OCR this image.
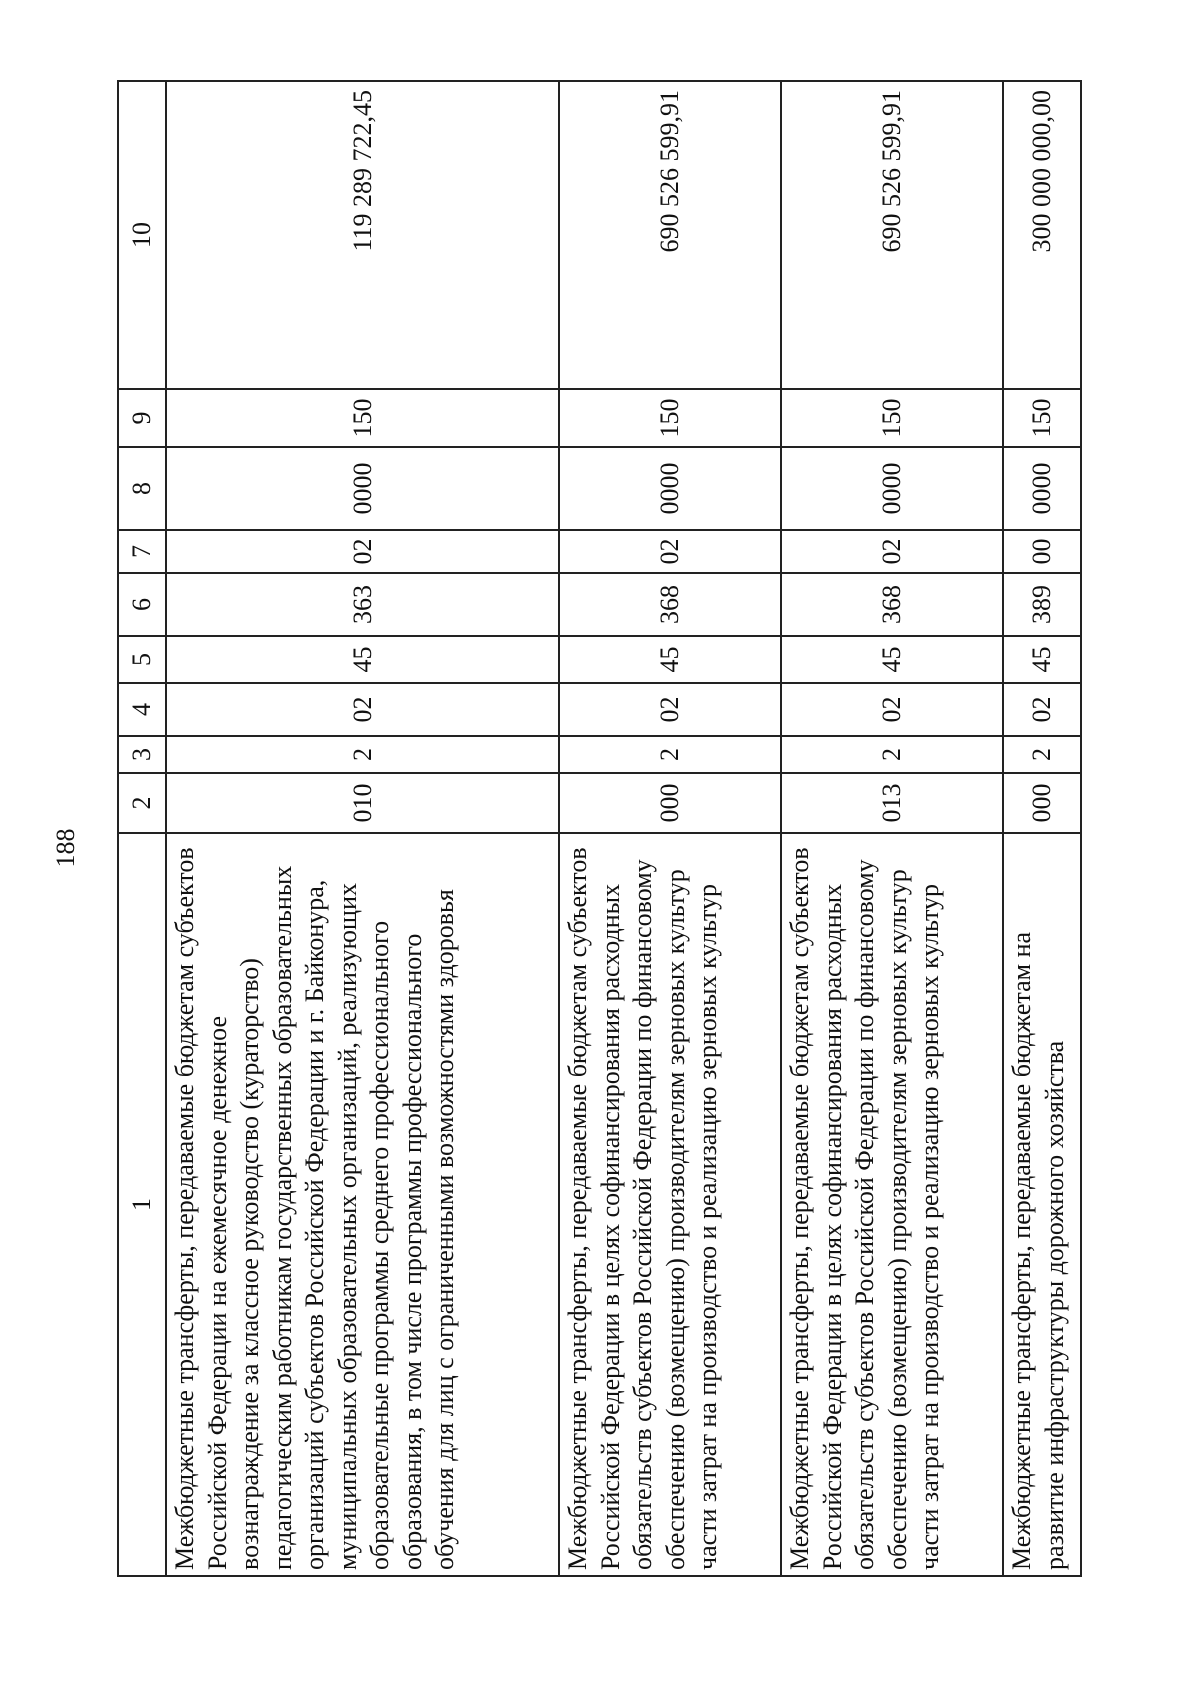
188
1	2	3	4	5	6	7	8	9	10
Межбюджетные трансферты, передаваемые бюджетам субъектов Российской Федерации на ежемесячное денежное вознаграждение за классное руководство (кураторство) педагогическим работникам государственных образовательных организаций субъектов Российской Федерации и г. Байконура, муниципальных образовательных организаций, реализующих образовательные программы среднего профессионального образования, в том числе программы профессионального обучения для лиц с ограниченными возможностями здоровья	010	2	02	45	363	02	0000	150	119 289 722,45
Межбюджетные трансферты, передаваемые бюджетам субъектов Российской Федерации в целях софинансирования расходных обязательств субъектов Российской Федерации по финансовому обеспечению (возмещению) производителям зерновых культур части затрат на производство и реализацию зерновых культур	000	2	02	45	368	02	0000	150	690 526 599,91
Межбюджетные трансферты, передаваемые бюджетам субъектов Российской Федерации в целях софинансирования расходных обязательств субъектов Российской Федерации по финансовому обеспечению (возмещению) производителям зерновых культур части затрат на производство и реализацию зерновых культур	013	2	02	45	368	02	0000	150	690 526 599,91
Межбюджетные трансферты, передаваемые бюджетам на развитие инфраструктуры дорожного хозяйства	000	2	02	45	389	00	0000	150	300 000 000,00
